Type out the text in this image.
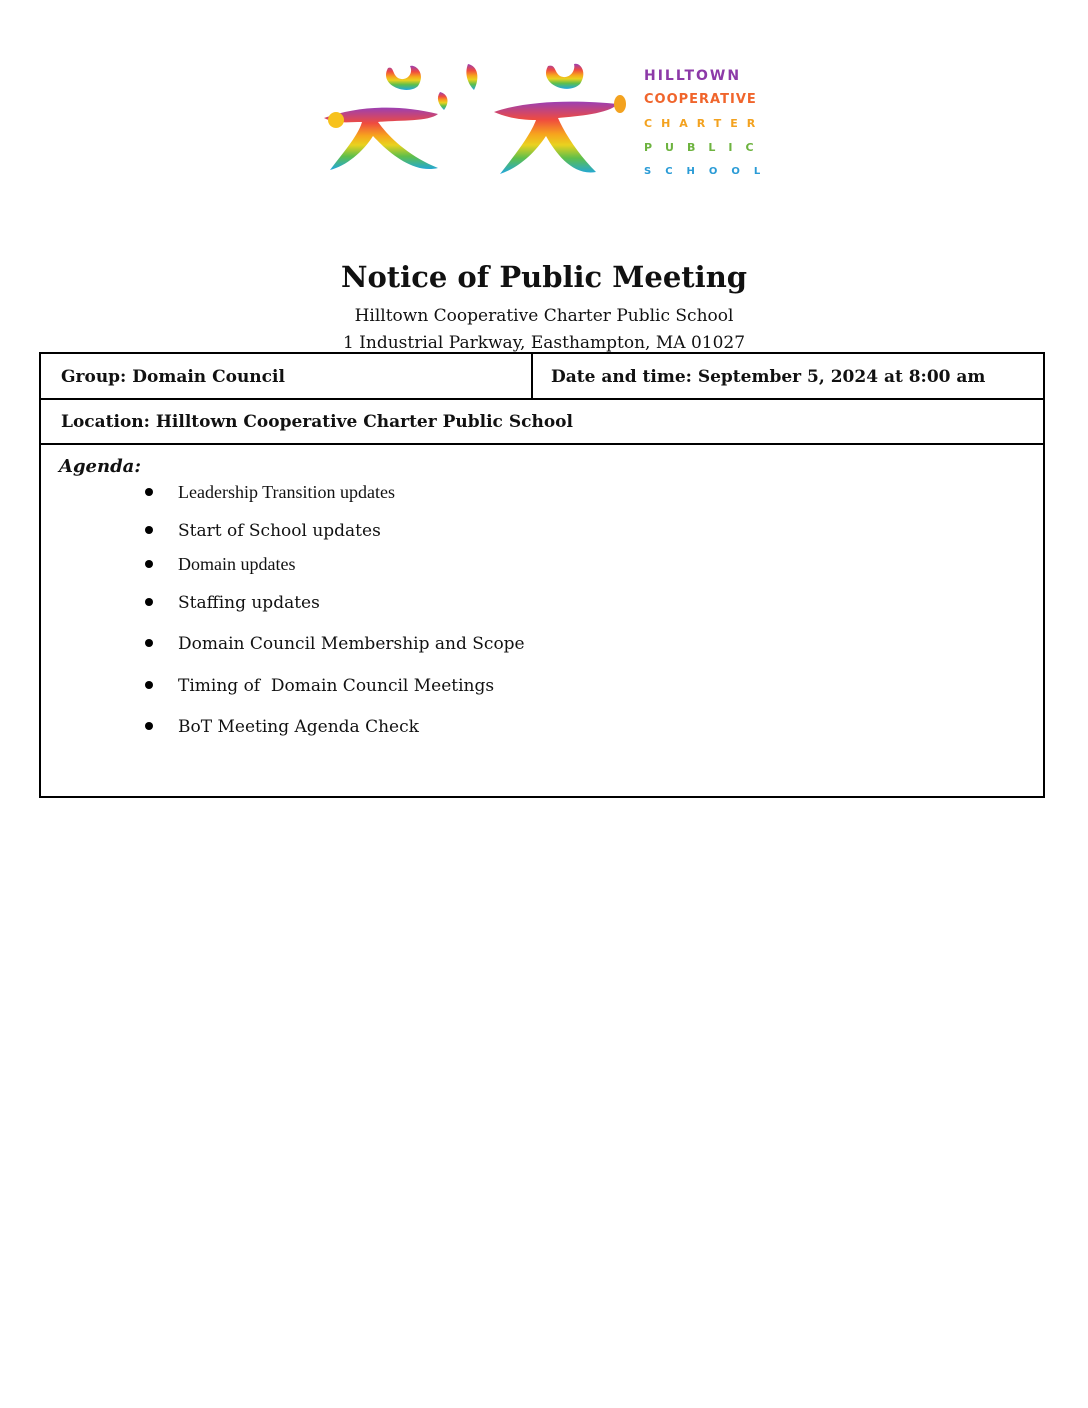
HILLTOWN
COOPERATIVE
CHARTER
PUBLIC
SCHOOL
Notice of Public Meeting
Hilltown Cooperative Charter Public School
1 Industrial Parkway, Easthampton, MA 01027
Group: Domain Council	Date and time: September 5, 2024 at 8:00 am
Location: Hilltown Cooperative Charter Public School
Agenda:
Leadership Transition updates
Start of School updates
Domain updates
Staffing updates
Domain Council Membership and Scope
Timing of  Domain Council Meetings
BoT Meeting Agenda Check
